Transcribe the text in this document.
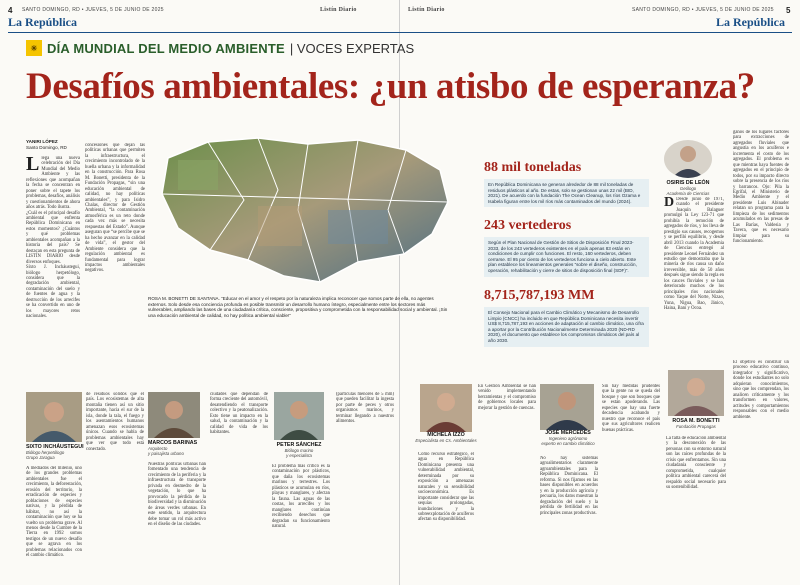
4 SANTO DOMINGO, RD • JUEVES, 5 DE JUNIO DE 2025	Listín Diario
La República
Listín Diario	SANTO DOMINGO, RD • JUEVES, 5 DE JUNIO DE 2025 5
La República
☀ DÍA MUNDIAL DEL MEDIO AMBIENTE | VOCES EXPERTAS
Desafíos ambientales: ¿un atisbo de esperanza?
YANIRI LÓPEZ
Santo Domingo, RD
L lega una nueva celebración del Día Mundial del Medio Ambiente y las reflexiones que acompañan la fecha se concentran en poner sobre el tapete los problemas, desafíos, análisis y cuestionamientos de ahora años atrás. Todo ilustra.
¿Cuál es el principal desafío ambiental que enfrenta República Dominicana en estos momentos? ¿Cuántos y qué problemas ambientales acompañan a la historia del país? Se destacan en esta pregunta de LISTÍN DIARIO desde diversos enfoques.
Sixto J. Incháustegui, biólogo herpetólogo, considera que la degradación ambiental, contaminación del suelo y de fuentes de agua y la destrucción de los arrecifes se ha convertido en uno de los mayores retos nacionales.
concesiones que dejan las políticas urbanas que permiten la infraestructura, el crecimiento incontrolado de la huella urbana y la informalidad en la construcción. Para Rosa M. Bonetti, presidenta de la Fundación Propagas, “sin una educación ambiental de calidad, no hay políticas ambientales”, y para Isidro Chalas, director de Gestión Ambiental, “la contaminación atmosférica es un reto donde cada vez más se necesita respuestas del Estado”. Aunque aseguran que “se percibe que se ha hecho avanzar en la calidad de vida”, el gestor del Ambiente considera que la regulación ambiental es fundamental para lograr impactos ambientales negativos.
88 mil toneladas
En República Dominicana se generan alrededor de 88 mil toneladas de residuos plásticos al año. De estas, solo se gestionan unas 22 mil (BID, 2021). De acuerdo con la fundación The Ocean Cleanup, los ríos Ozama e Isabela figuran entre los mil ríos más contaminados del mundo (2024).
243 vertederos
Según el Plan Nacional de Gestión de Sitios de Disposición Final 2023-2033, de los 243 vertederos existentes en el país apenas 83 están en condiciones de cumplir con funciones. El resto, 160 vertederos, deben cerrarse. El 95 por ciento de los vertederos funciona a cielo abierto. Este plan establece los lineamientos generales “sobre el diseño, construcción, operación, rehabilitación y cierre de sitios de disposición final (SDF)”.
8,715,787,193 MM
El Consejo Nacional para el Cambio Climático y Mecanismo de Desarrollo Limpio (CNCC) ha incluido en que República Dominicana necesita invertir US$ 8,715,787,193 en acciones de adaptación al cambio climático, una cifra a aportar por la Contribución Nacionalmente Determinada 2020 (ND-RD 2020), el documento que establece los compromisos climáticos del país al año 2030.
ROSA M. BONETTI DE SANTANA. “Educar en el amor y el respeto por la naturaleza implica reconocer que somos parte de ella, no agentes externos. Solo desde esa conciencia profunda es posible transmitir un desarrollo humano íntegro, especialmente entre los sectores más vulnerables, ampliando las bases de una ciudadanía crítica, consciente, propositiva y comprometida con la responsabilidad social y ambiental. ¡Sin una educación ambiental de calidad, no hay política ambiental viable!”
OSIRIS DE LEÓN
Geólogo
Academia de Ciencias
D Desde junio de 1971, cuando el presidente Joaquín Balaguer promulgó la Ley 123-71 que prohibía la remoción de agregados de ríos, y los lleva de prestigio sus causes, recogemos y se perfiló equilibrio, y desde abril 2013 cuando la Academia de Ciencias entregó al presidente Leonel Fernández un estudio que demostraba que la minería de ríos causa un daño irreversible, más de 50 años después sigue siendo la regla en los cauces fluviales y se han deteriorado muchos de los principales ríos nacionales como Yaque del Norte, Nizao, Yuna, Nigua, Bao, Jánico, Haina, Baní y Ocoa.
ganos de los lugares factores para extracciones de agregados fluviales que angustia en los acuíferos e incrementa el costo de los agregados. El problema es que mientras haya fuentes de agregados en el principio de todos, por su impacto directo sobre la presencia de los ríos y barrancos. Ojo: Pila la Egrifal, el Ministerio de Medio Ambiente y el presidente Luis Abinader relatan un programa para la limpieza de los sedimentos acumulados en las presas de Las Barías, Valdesia y Tavera, que es necesario limpiar para su funcionamiento.
El objetivo es construir un proceso educativo continuo, integrador y significativo, donde los estudiantes no solo adquieran conocimientos, sino que los comprendan, los analicen críticamente y los transformen en valores, actitudes y comportamientos responsables con el medio ambiente.
SIXTO INCHÁUSTEGUI
Biólogo herpetólogo
Grupo Jaragua
A mediados del milenio, uno de los grandes problemas ambientales fue el crecimiento, la deforestación, erosión del territorio, la erradicación de especies y poblaciones de especies nativas, y la pérdida de hábitat, no así la contaminación que hoy se ha vuelto un problema grave. Al menos desde la Cumbre de la Tierra en 1992 somos testigos de un nuevo desafío que se agrava en los problemas relacionados con el cambio climático.
de residuos sólidos que el país. Los ecosistemas de alta montaña tienen así un sitio importante, hacia el sur de la isla, donde la tala, el fuego y los asentamientos humanos amenazan esos ecosistemas únicos. Cuando se habla de problemas ambientales hay que ver que todo está conectado.
MARCOS BARINAS
Arquitecto
y paisajista urbano
Nuestras políticas urbanas han fomentado una tendencia de crecimiento de la periferia y la infraestructura de transporte privada en desmedro de la vegetación, lo que ha provocado la pérdida de la biodiversidad y la disminución de áreas verdes urbanas. En este sentido, la arquitectura debe tomar un rol más activo en el diseño de las ciudades.
ciudades que dependan de forma creciente del automóvil, desatendiendo el transporte colectivo y la peatonalización. Esto tiene un impacto en la salud, la contaminación y la calidad de vida de los habitantes.
PETER SÁNCHEZ
Biólogo marino
y especialista
El problema más crítico es la contaminación por plásticos, que daña los ecosistemas marinos y terrestres. Los plásticos se acumulan en ríos, playas y manglares, y afectan la fauna. Las aguas de las costas, los arrecifes y los manglares continúan recibiendo desechos que degradan su funcionamiento natural.
(partículas menores de 5 mm) que pueden facilitar la ingesta por parte de peces y otros organismos marinos, y terminar llegando a nuestros alimentos.
MICHELA IZZO
Especialista en Cs. Ambientales
Como recurso estratégico, el agua en República Dominicana presenta una vulnerabilidad ambiental, determinada por su exposición a amenazas naturales y su sensibilidad socioeconómica. Es importante considerar que las sequías prolongadas, inundaciones y la sobreexplotación de acuíferos afectan su disponibilidad.
En Gestión Ambiental se han venido implementando herramientas y el compromiso de gobiernos locales para mejorar la gestión de cuencas.
JOSÉ MERCEDES
Ingeniero agrónomo
experto en cambio climático
No hay sistemas agroalimentarios claramente agroambientales para la República Dominicana. El reforma. Si nos fijamos en las bases disponibles en acuerdos y en la producción agrícola y pecuaria, los datos muestran la degradación del suelo y la pérdida de fertilidad en las principales zonas productivas.
Sin hay medidas prudentes que la gente no se queda del bosque y que son bosques que se están apoderando. Las especies que hay una fuerte decadencia acabando y nuestro que reconoce el país que sus agricultores realicen buenas prácticas.
ROSA M. BONETTI
Fundación Propagas
La falta de educación ambiental y la desconexión de las personas con su entorno natural son las raíces profundas de la crisis que enfrentamos. Sin una ciudadanía consciente y comprometida, cualquier política ambiental carecerá del respaldo social necesario para su sostenibilidad.
